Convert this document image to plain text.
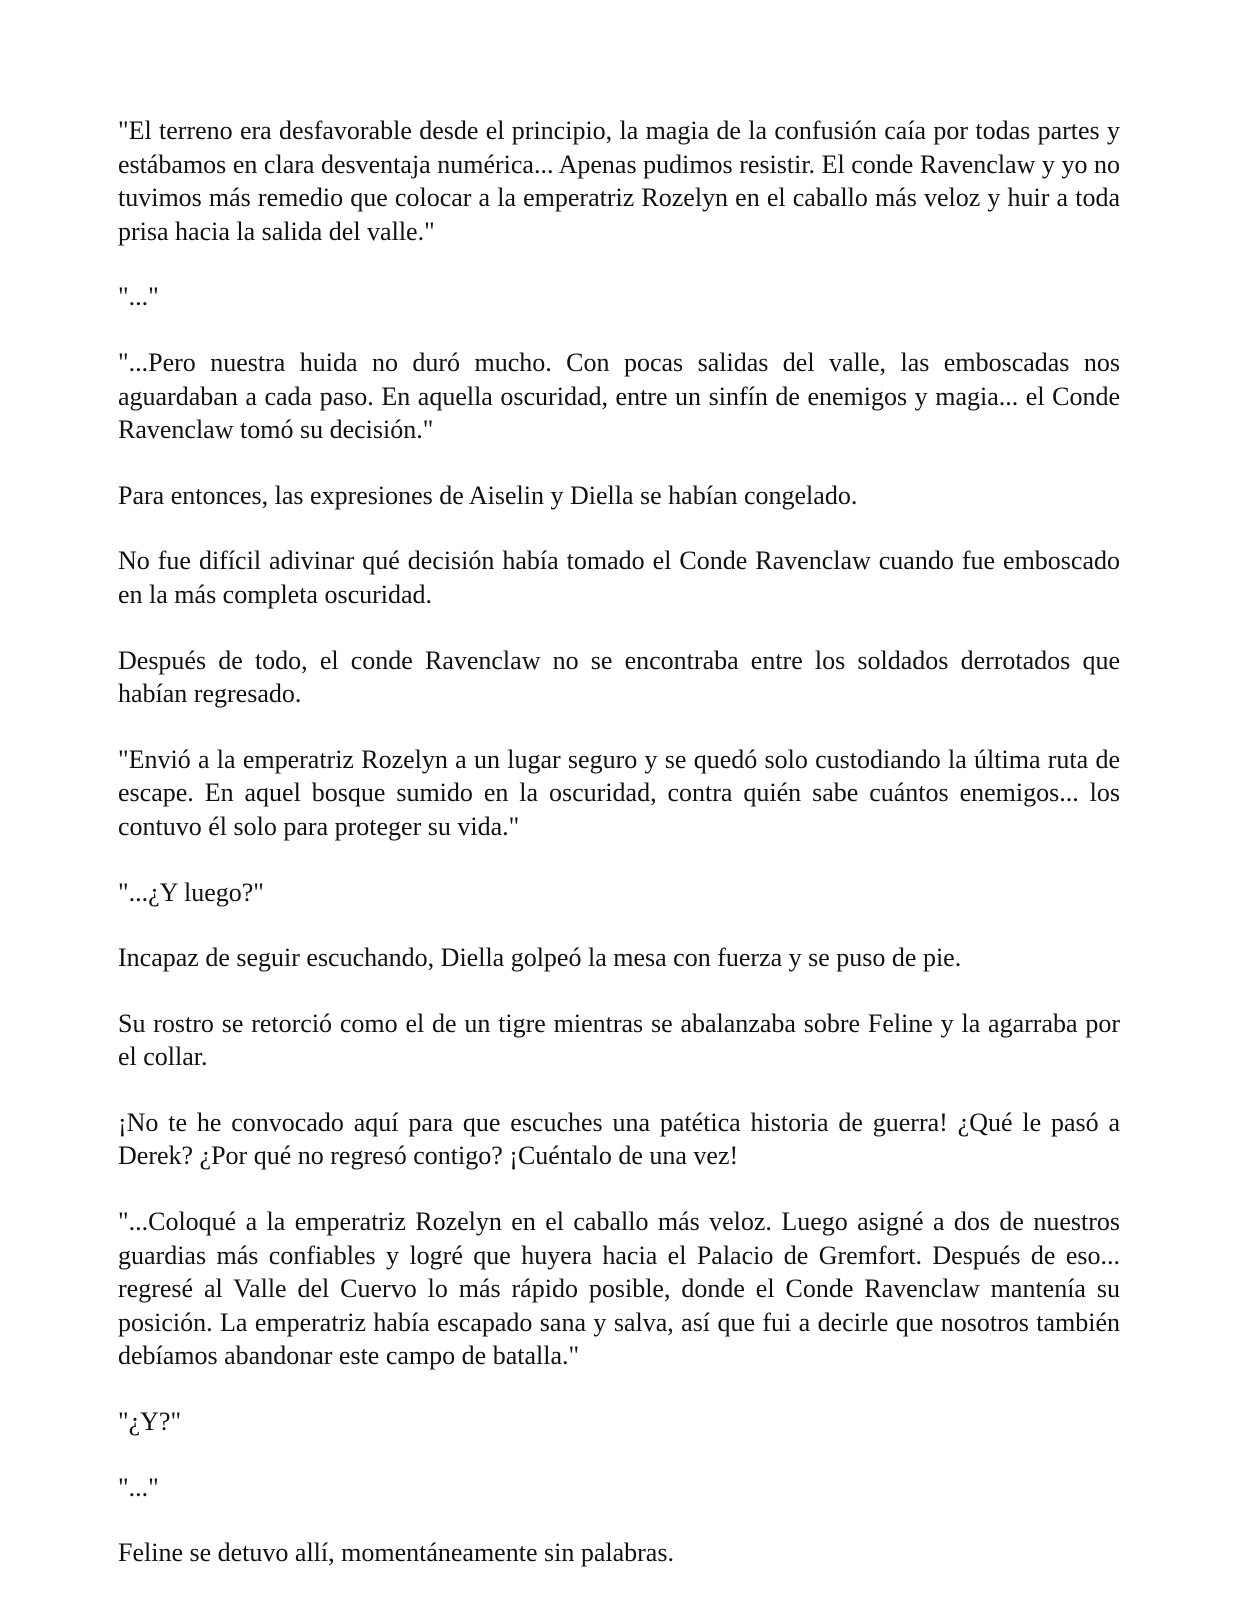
"El terreno era desfavorable desde el principio, la magia de la confusión caía por todas partes y estábamos en clara desventaja numérica... Apenas pudimos resistir. El conde Ravenclaw y yo no tuvimos más remedio que colocar a la emperatriz Rozelyn en el caballo más veloz y huir a toda prisa hacia la salida del valle."

"..."

"...Pero nuestra huida no duró mucho. Con pocas salidas del valle, las emboscadas nos aguardaban a cada paso. En aquella oscuridad, entre un sinfín de enemigos y magia... el Conde Ravenclaw tomó su decisión."

Para entonces, las expresiones de Aiselin y Diella se habían congelado.

No fue difícil adivinar qué decisión había tomado el Conde Ravenclaw cuando fue emboscado en la más completa oscuridad.

Después de todo, el conde Ravenclaw no se encontraba entre los soldados derrotados que habían regresado.

"Envió a la emperatriz Rozelyn a un lugar seguro y se quedó solo custodiando la última ruta de escape. En aquel bosque sumido en la oscuridad, contra quién sabe cuántos enemigos... los contuvo él solo para proteger su vida."

"...¿Y luego?"

Incapaz de seguir escuchando, Diella golpeó la mesa con fuerza y se puso de pie.

Su rostro se retorció como el de un tigre mientras se abalanzaba sobre Feline y la agarraba por el collar.

¡No te he convocado aquí para que escuches una patética historia de guerra! ¿Qué le pasó a Derek? ¿Por qué no regresó contigo? ¡Cuéntalo de una vez!

"...Coloqué a la emperatriz Rozelyn en el caballo más veloz. Luego asigné a dos de nuestros guardias más confiables y logré que huyera hacia el Palacio de Gremfort. Después de eso... regresé al Valle del Cuervo lo más rápido posible, donde el Conde Ravenclaw mantenía su posición. La emperatriz había escapado sana y salva, así que fui a decirle que nosotros también debíamos abandonar este campo de batalla."

"¿Y?"

"..."

Feline se detuvo allí, momentáneamente sin palabras.
